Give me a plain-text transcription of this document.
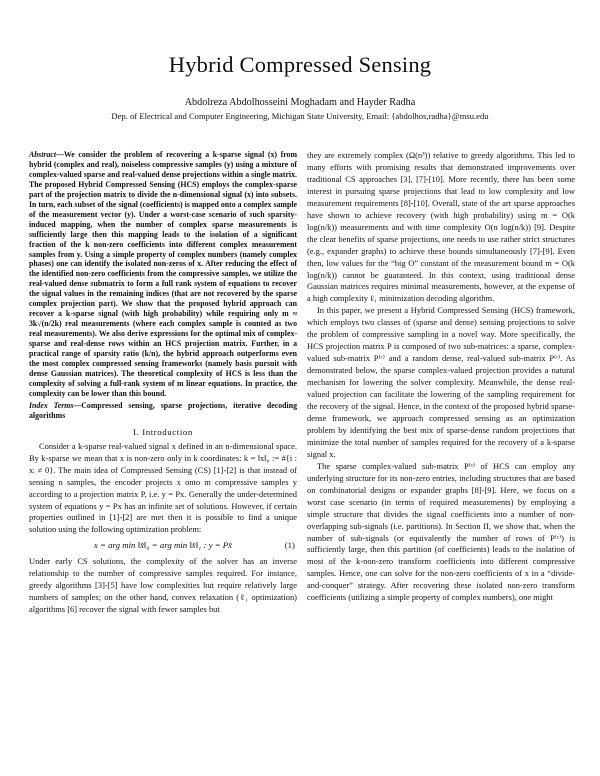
Hybrid Compressed Sensing
Abdolreza Abdolhosseini Moghadam and Hayder Radha
Dep. of Electrical and Computer Engineering, Michigan State University, Email: {abdolhos,radha}@msu.edu

Abstract—We consider the problem of recovering a k-sparse signal (x) from hybrid (complex and real), noiseless compressive samples (y) using a mixture of complex-valued sparse and real-valued dense projections within a single matrix. The proposed Hybrid Compressed Sensing (HCS) employs the complex-sparse part of the projection matrix to divide the n-dimensional signal (x) into subsets. In turn, each subset of the signal (coefficients) is mapped onto a complex sample of the measurement vector (y). Under a worst-case scenario of such sparsity-induced mapping, when the number of complex sparse measurements is sufficiently large then this mapping leads to the isolation of a significant fraction of the k non-zero coefficients into different complex measurement samples from y. Using a simple property of complex numbers (namely complex phases) one can identify the isolated non-zeros of x. After reducing the effect of the identified non-zero coefficients from the compressive samples, we utilize the real-valued dense submatrix to form a full rank system of equations to recover the signal values in the remaining indices (that are not recovered by the sparse complex projection part). We show that the proposed hybrid approach can recover a k-sparse signal (with high probability) while requiring only m ≈ 3k√(n/2k) real measurements (where each complex sample is counted as two real measurements). We also derive expressions for the optimal mix of complex-sparse and real-dense rows within an HCS projection matrix. Further, in a practical range of sparsity ratio (k/n), the hybrid approach outperforms even the most complex compressed sensing frameworks (namely basis pursuit with dense Gaussian matrices). The theoretical complexity of HCS is less than the complexity of solving a full-rank system of m linear equations. In practice, the complexity can be lower than this bound.

Index Terms—Compressed sensing, sparse projections, iterative decoding algorithms

I. Introduction

Consider a k-sparse real-valued signal x defined in an n-dimensional space. By k-sparse we mean that x is non-zero only in k coordinates: k = ‖x‖₀ := #{i : xᵢ ≠ 0}. The main idea of Compressed Sensing (CS) [1]-[2] is that instead of sensing n samples, the encoder projects x onto m compressive samples y according to a projection matrix P, i.e. y = Px. Generally the under-determined system of equations y = Px has an infinite set of solutions. However, if certain properties outlined in [1]-[2] are met then it is possible to find a unique solution using the following optimization problem:

x = arg min ‖x̂‖₀ = arg min ‖x̂‖₁ : y = Px̂	(1)

Under early CS solutions, the complexity of the solver has an inverse relationship to the number of compressive samples required. For instance, greedy algorithms [3]-[5] have low complexities but require relatively large numbers of samples; on the other hand, convex relaxation (ℓ₁ optimization) algorithms [6] recover the signal with fewer samples but

they are extremely complex (Ω(n³)) relative to greedy algorithms. This led to many efforts with promising results that demonstrated improvements over traditional CS approaches [3], [7]-[10]. More recently, there has been some interest in pursuing sparse projections that lead to low complexity and low measurement requirements [8]-[10]. Overall, state of the art sparse approaches have shown to achieve recovery (with high probability) using m = O(k log(n/k)) measurements and with time complexity O(n log(n/k)) [9]. Despite the clear benefits of sparse projections, one needs to use rather strict structures (e.g., expander graphs) to achieve these bounds simultaneously [7]-[9]. Even then, low values for the “big O” constant of the measurement bound m = O(k log(n/k)) cannot be guaranteed. In this context, using traditional dense Gaussian matrices requires minimal measurements, however, at the expense of a high complexity ℓ₁ minimization decoding algorithm.

In this paper, we present a Hybrid Compressed Sensing (HCS) framework, which employs two classes of (sparse and dense) sensing projections to solve the problem of compressive sampling in a novel way. More specifically, the HCS projection matrix P is composed of two sub-matrices: a sparse, complex-valued sub-matrix P⁽ᶜ⁾ and a random dense, real-valued sub-matrix P⁽ʳ⁾. As demonstrated below, the sparse complex-valued projection provides a natural mechanism for lowering the solver complexity. Meanwhile, the dense real-valued projection can facilitate the lowering of the sampling requirement for the recovery of the signal. Hence, in the context of the proposed hybrid sparse-dense framework, we approach compressed sensing as an optimization problem by identifying the best mix of sparse-dense random projections that minimize the total number of samples required for the recovery of a k-sparse signal x.

The sparse complex-valued sub-matrix P⁽ᶜ⁾ of HCS can employ any underlying structure for its non-zero entries, including structures that are based on combinatorial designs or expander graphs [8]-[9]. Here, we focus on a worst case scenario (in terms of required measurements) by employing a simple structure that divides the signal coefficients into a number of non-overlapping sub-signals (i.e. partitions). In Section II, we show that, when the number of sub-signals (or equivalently the number of rows of P⁽ᶜ⁾) is sufficiently large, then this partition (of coefficients) leads to the isolation of most of the k-non-zero transform coefficients into different compressive samples. Hence, one can solve for the non-zero coefficients of x in a “divide-and-conquer” strategy. After recovering these isolated non-zero transform coefficients (utilizing a simple property of complex numbers), one might
